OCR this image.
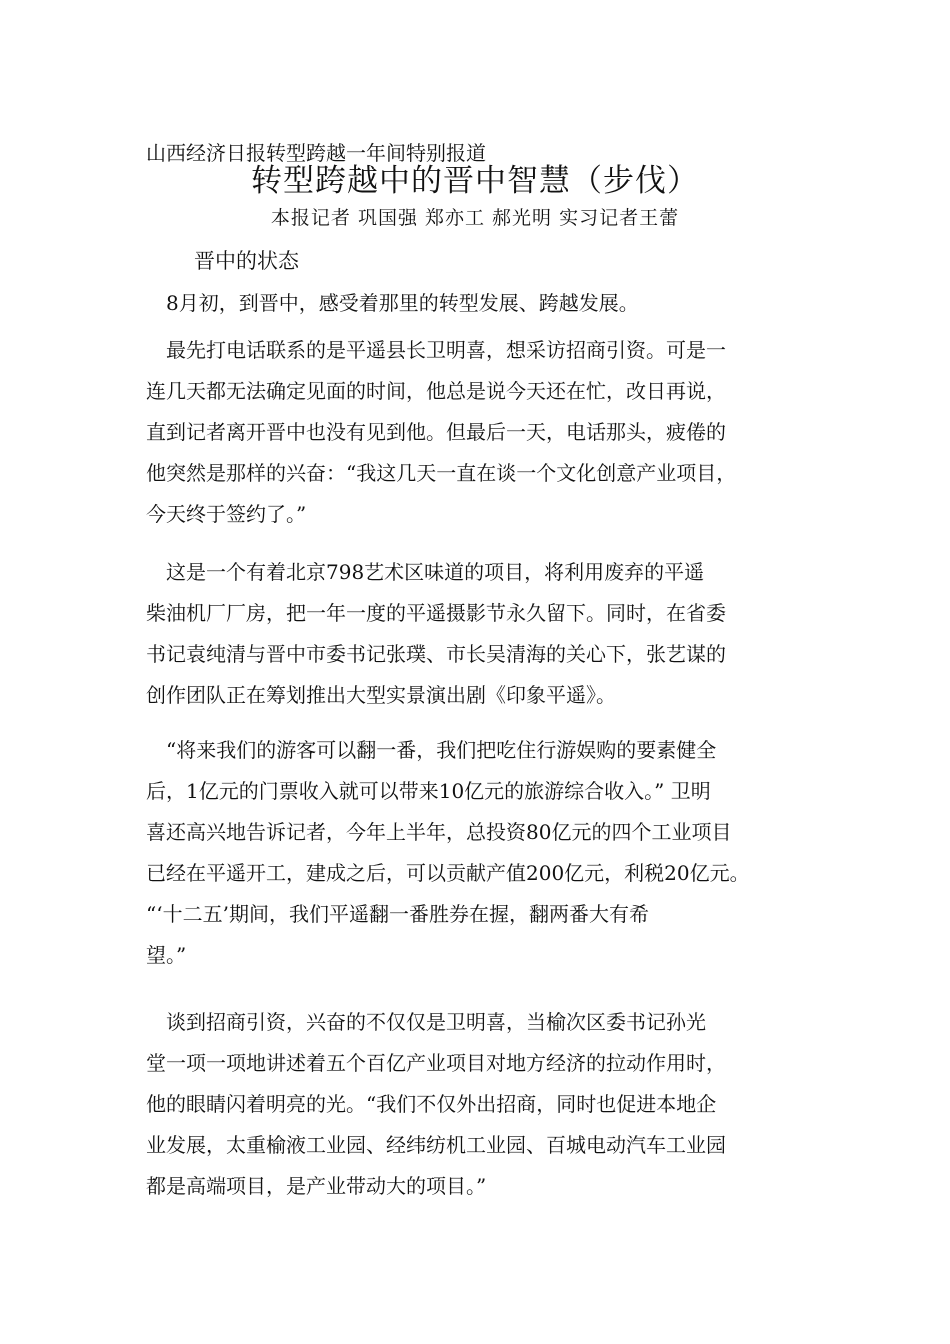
山西经济日报转型跨越一年间特别报道
转型跨越中的晋中智慧（步伐）
本报记者 巩国强 郑亦工 郝光明 实习记者王蕾
晋中的状态
　8月初，到晋中，感受着那里的转型发展、跨越发展。
　最先打电话联系的是平遥县长卫明喜，想采访招商引资。可是一
连几天都无法确定见面的时间，他总是说今天还在忙，改日再说，
直到记者离开晋中也没有见到他。但最后一天，电话那头，疲倦的
他突然是那样的兴奋：“我这几天一直在谈一个文化创意产业项目，
今天终于签约了。”
　这是一个有着北京798艺术区味道的项目，将利用废弃的平遥
柴油机厂厂房，把一年一度的平遥摄影节永久留下。同时，在省委
书记袁纯清与晋中市委书记张璞、市长吴清海的关心下，张艺谋的
创作团队正在筹划推出大型实景演出剧《印象平遥》。
　“将来我们的游客可以翻一番，我们把吃住行游娱购的要素健全
后，1亿元的门票收入就可以带来10亿元的旅游综合收入。” 卫明
喜还高兴地告诉记者，今年上半年，总投资80亿元的四个工业项目
已经在平遥开工，建成之后，可以贡献产值200亿元，利税20亿元。
“‘十二五’期间，我们平遥翻一番胜券在握，翻两番大有希
望。”
　谈到招商引资，兴奋的不仅仅是卫明喜，当榆次区委书记孙光
堂一项一项地讲述着五个百亿产业项目对地方经济的拉动作用时，
他的眼睛闪着明亮的光。“我们不仅外出招商，同时也促进本地企
业发展，太重榆液工业园、经纬纺机工业园、百城电动汽车工业园
都是高端项目，是产业带动大的项目。”
